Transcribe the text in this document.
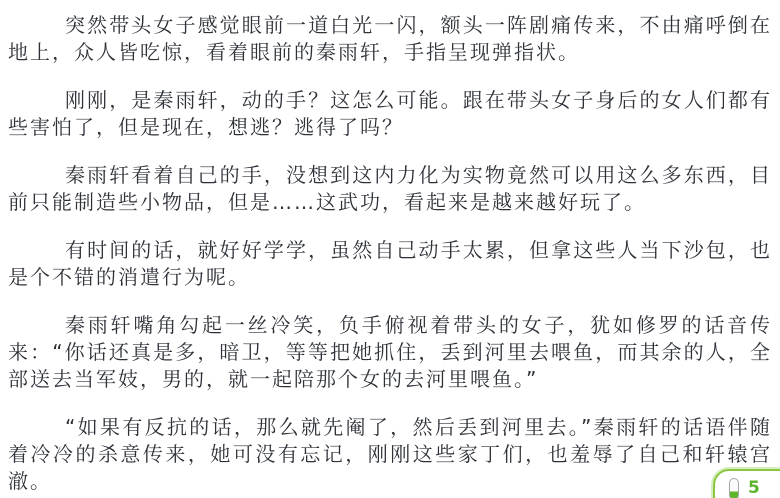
突然带头女子感觉眼前一道白光一闪，额头一阵剧痛传来，不由痛呼倒在地上，众人皆吃惊，看着眼前的秦雨轩，手指呈现弹指状。

刚刚，是秦雨轩，动的手？这怎么可能。跟在带头女子身后的女人们都有些害怕了，但是现在，想逃？逃得了吗？

秦雨轩看着自己的手，没想到这内力化为实物竟然可以用这么多东西，目前只能制造些小物品，但是……这武功，看起来是越来越好玩了。

有时间的话，就好好学学，虽然自己动手太累，但拿这些人当下沙包，也是个不错的消遣行为呢。

秦雨轩嘴角勾起一丝冷笑，负手俯视着带头的女子，犹如修罗的话音传来：“你话还真是多，暗卫，等等把她抓住，丢到河里去喂鱼，而其余的人，全部送去当军妓，男的，就一起陪那个女的去河里喂鱼。”

“如果有反抗的话，那么就先阉了，然后丢到河里去。”秦雨轩的话语伴随着冷冷的杀意传来，她可没有忘记，刚刚这些家丁们，也羞辱了自己和轩辕宫澈。	5
